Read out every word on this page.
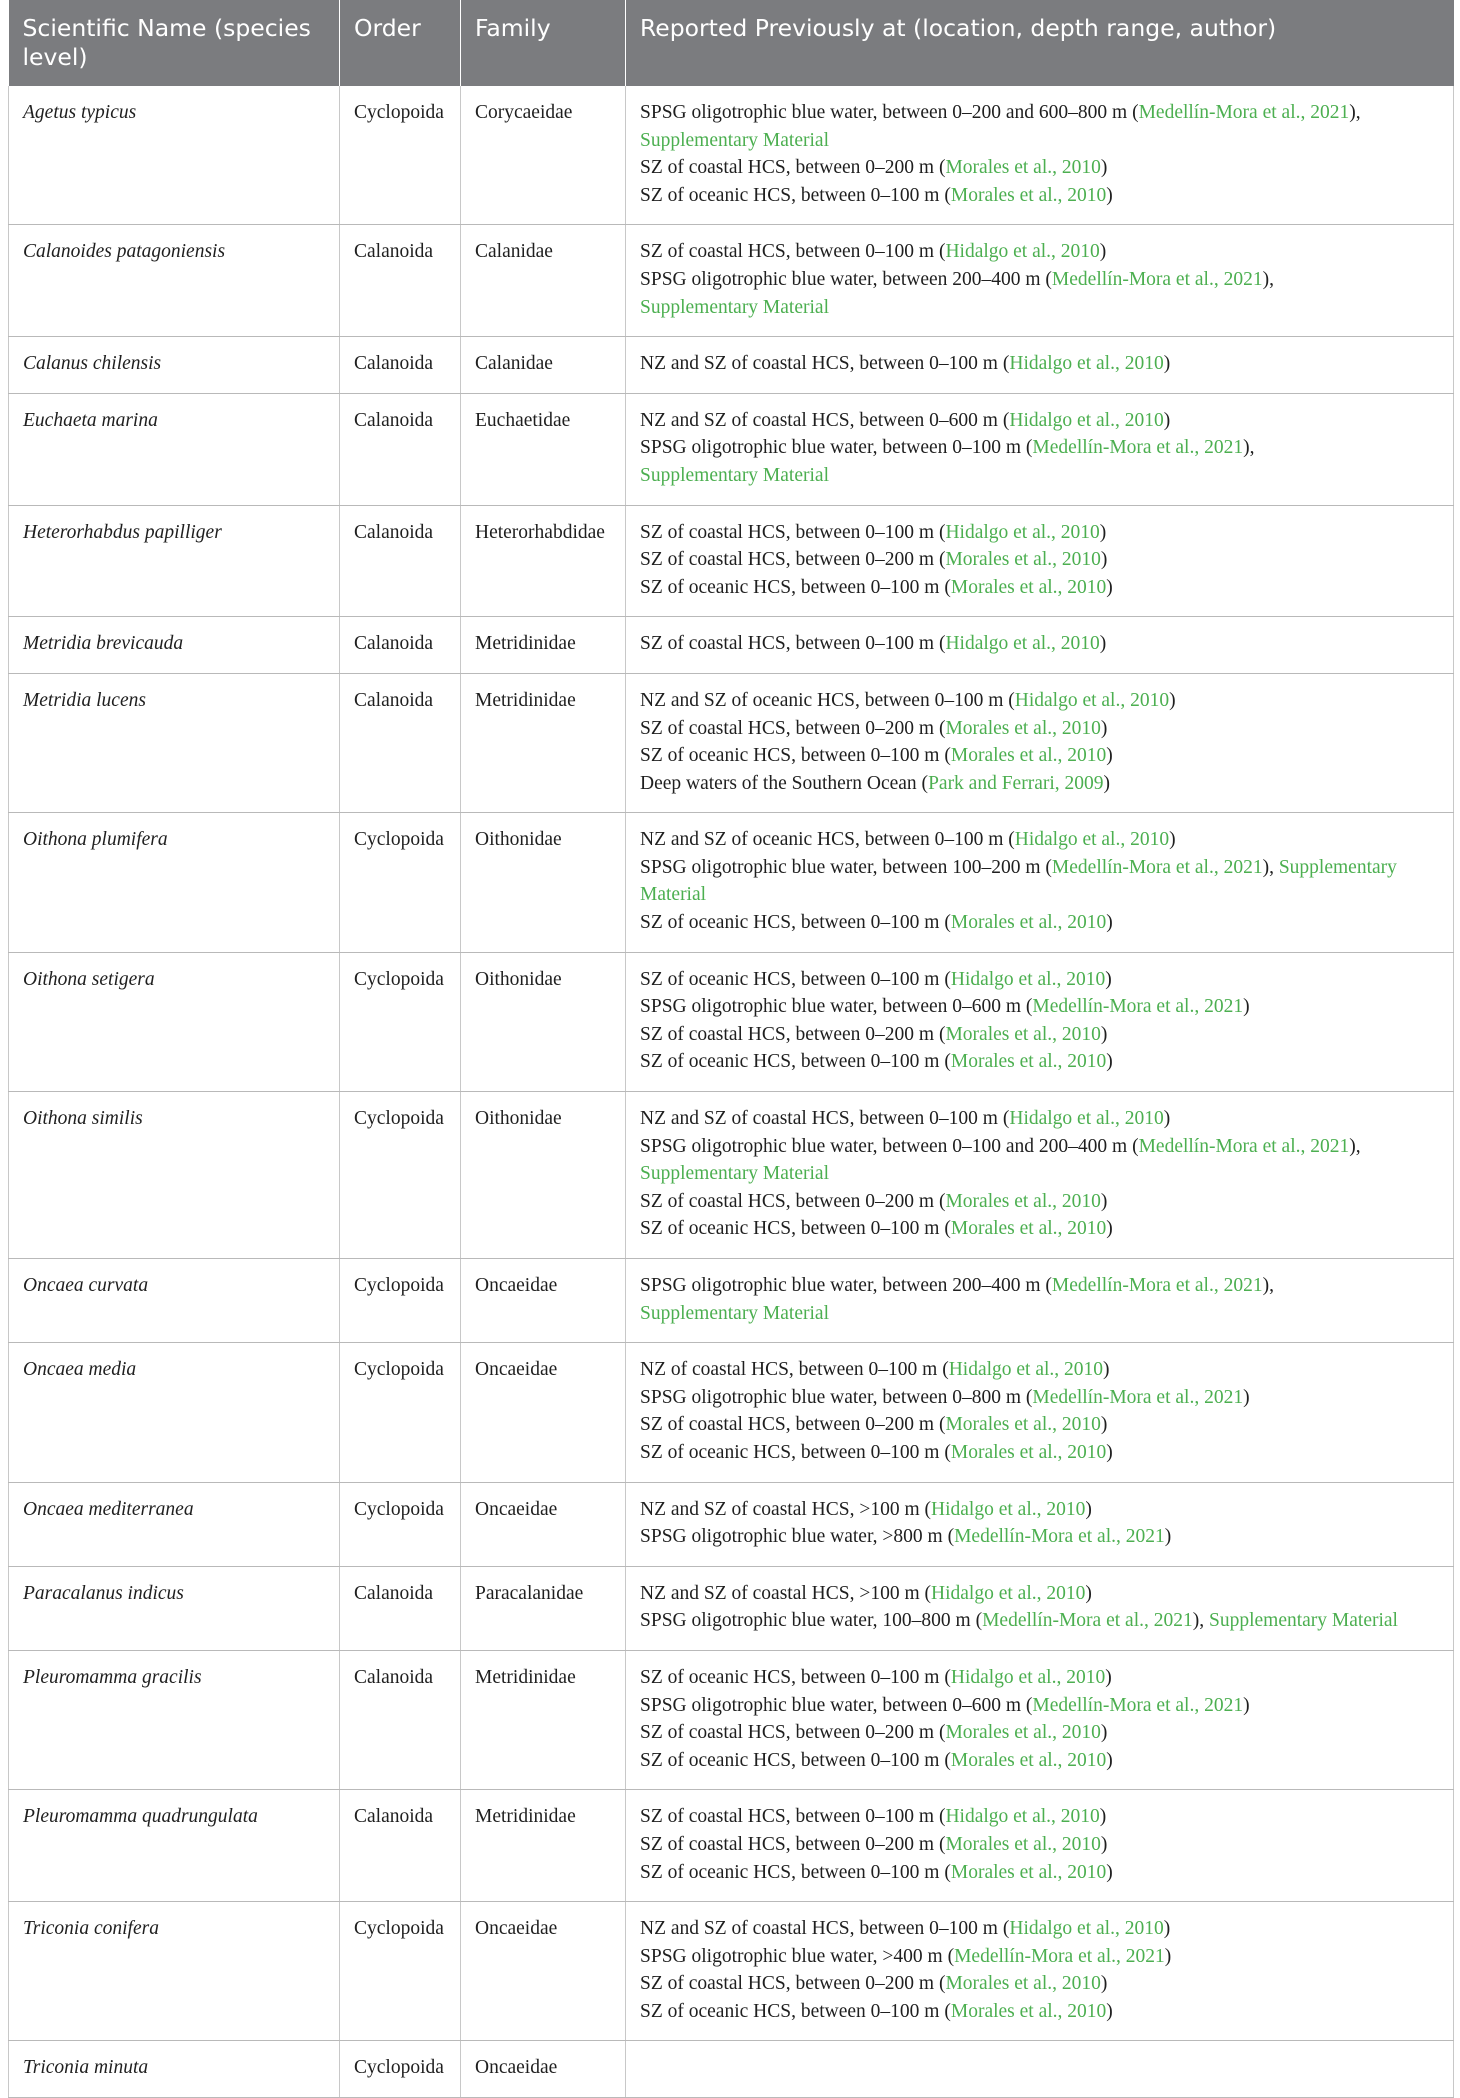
Scientific Name (species level)	Order	Family	Reported Previously at (location, depth range, author)
Agetus typicus	Cyclopoida	Corycaeidae	SPSG oligotrophic blue water, between 0–200 and 600–800 m (Medellín-Mora et al., 2021),
Supplementary Material
SZ of coastal HCS, between 0–200 m (Morales et al., 2010)
SZ of oceanic HCS, between 0–100 m (Morales et al., 2010)

Calanoides patagoniensis	Calanoida	Calanidae	SZ of coastal HCS, between 0–100 m (Hidalgo et al., 2010)
SPSG oligotrophic blue water, between 200–400 m (Medellín-Mora et al., 2021),
Supplementary Material

Calanus chilensis	Calanoida	Calanidae	NZ and SZ of coastal HCS, between 0–100 m (Hidalgo et al., 2010)

Euchaeta marina	Calanoida	Euchaetidae	NZ and SZ of coastal HCS, between 0–600 m (Hidalgo et al., 2010)
SPSG oligotrophic blue water, between 0–100 m (Medellín-Mora et al., 2021),
Supplementary Material

Heterorhabdus papilliger	Calanoida	Heterorhabdidae	SZ of coastal HCS, between 0–100 m (Hidalgo et al., 2010)
SZ of coastal HCS, between 0–200 m (Morales et al., 2010)
SZ of oceanic HCS, between 0–100 m (Morales et al., 2010)

Metridia brevicauda	Calanoida	Metridinidae	SZ of coastal HCS, between 0–100 m (Hidalgo et al., 2010)

Metridia lucens	Calanoida	Metridinidae	NZ and SZ of oceanic HCS, between 0–100 m (Hidalgo et al., 2010)
SZ of coastal HCS, between 0–200 m (Morales et al., 2010)
SZ of oceanic HCS, between 0–100 m (Morales et al., 2010)
Deep waters of the Southern Ocean (Park and Ferrari, 2009)

Oithona plumifera	Cyclopoida	Oithonidae	NZ and SZ of oceanic HCS, between 0–100 m (Hidalgo et al., 2010)
SPSG oligotrophic blue water, between 100–200 m (Medellín-Mora et al., 2021), Supplementary
Material
SZ of oceanic HCS, between 0–100 m (Morales et al., 2010)

Oithona setigera	Cyclopoida	Oithonidae	SZ of oceanic HCS, between 0–100 m (Hidalgo et al., 2010)
SPSG oligotrophic blue water, between 0–600 m (Medellín-Mora et al., 2021)
SZ of coastal HCS, between 0–200 m (Morales et al., 2010)
SZ of oceanic HCS, between 0–100 m (Morales et al., 2010)

Oithona similis	Cyclopoida	Oithonidae	NZ and SZ of coastal HCS, between 0–100 m (Hidalgo et al., 2010)
SPSG oligotrophic blue water, between 0–100 and 200–400 m (Medellín-Mora et al., 2021),
Supplementary Material
SZ of coastal HCS, between 0–200 m (Morales et al., 2010)
SZ of oceanic HCS, between 0–100 m (Morales et al., 2010)

Oncaea curvata	Cyclopoida	Oncaeidae	SPSG oligotrophic blue water, between 200–400 m (Medellín-Mora et al., 2021),
Supplementary Material

Oncaea media	Cyclopoida	Oncaeidae	NZ of coastal HCS, between 0–100 m (Hidalgo et al., 2010)
SPSG oligotrophic blue water, between 0–800 m (Medellín-Mora et al., 2021)
SZ of coastal HCS, between 0–200 m (Morales et al., 2010)
SZ of oceanic HCS, between 0–100 m (Morales et al., 2010)

Oncaea mediterranea	Cyclopoida	Oncaeidae	NZ and SZ of coastal HCS, >100 m (Hidalgo et al., 2010)
SPSG oligotrophic blue water, >800 m (Medellín-Mora et al., 2021)

Paracalanus indicus	Calanoida	Paracalanidae	NZ and SZ of coastal HCS, >100 m (Hidalgo et al., 2010)
SPSG oligotrophic blue water, 100–800 m (Medellín-Mora et al., 2021), Supplementary Material

Pleuromamma gracilis	Calanoida	Metridinidae	SZ of oceanic HCS, between 0–100 m (Hidalgo et al., 2010)
SPSG oligotrophic blue water, between 0–600 m (Medellín-Mora et al., 2021)
SZ of coastal HCS, between 0–200 m (Morales et al., 2010)
SZ of oceanic HCS, between 0–100 m (Morales et al., 2010)

Pleuromamma quadrungulata	Calanoida	Metridinidae	SZ of coastal HCS, between 0–100 m (Hidalgo et al., 2010)
SZ of coastal HCS, between 0–200 m (Morales et al., 2010)
SZ of oceanic HCS, between 0–100 m (Morales et al., 2010)

Triconia conifera	Cyclopoida	Oncaeidae	NZ and SZ of coastal HCS, between 0–100 m (Hidalgo et al., 2010)
SPSG oligotrophic blue water, >400 m (Medellín-Mora et al., 2021)
SZ of coastal HCS, between 0–200 m (Morales et al., 2010)
SZ of oceanic HCS, between 0–100 m (Morales et al., 2010)

Triconia minuta	Cyclopoida	Oncaeidae	
